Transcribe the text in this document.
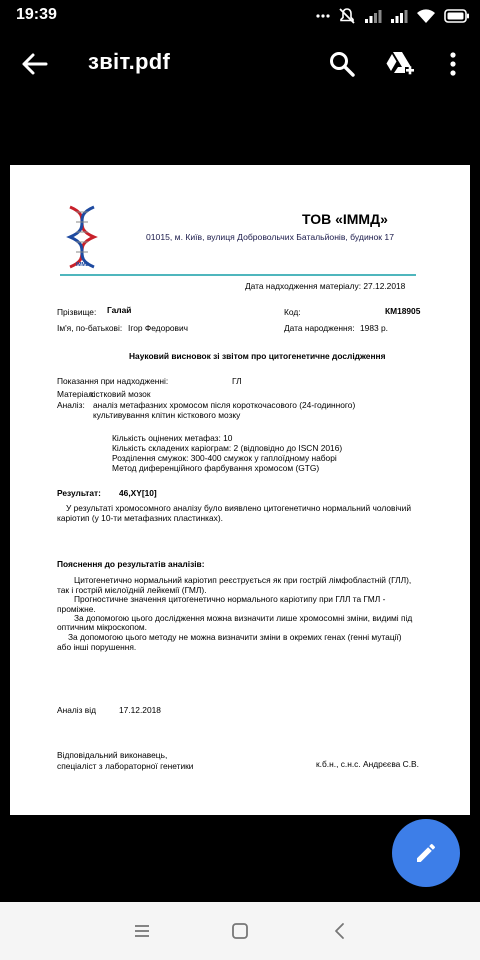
19:39
звіт.pdf
IMMD
ТОВ «ІММД»
01015, м. Київ, вулиця Добровольчих Батальйонів, будинок 17
Дата надходження матеріалу: 27.12.2018
Прізвище: Галай	Код:	КМ18905
Ім'я, по-батькові: Ігор Федорович	Дата народження: 1983 р.
Науковий висновок зі звітом про цитогенетичне дослідження
Показання при надходженні:	ГЛ
Матеріал:
кістковий мозок
Аналіз: аналіз метафазних хромосом після короткочасового (24-годинного)
культивування клітин кісткового мозку
Кількість оцінених метафаз: 10
Кількість складених каріограм: 2 (відповідно до ISCN 2016)
Розділення смужок: 300-400 смужок у гаплоїдному наборі
Метод диференційного фарбування хромосом (GTG)
Результат: 46,XY[10]
У результаті хромосомного аналізу було виявлено цитогенетично нормальний чоловічий
каріотип (у 10-ти метафазних пластинках).
Пояснення до результатів аналізів:
Цитогенетично нормальний каріотип реєструється як при гострій лімфобластній (ГЛЛ),
так і гострій мієлоїдній лейкемії (ГМЛ).
Прогностичне значення цитогенетично нормального каріотипу при ГЛЛ та ГМЛ -
проміжне.
За допомогою цього дослідження можна визначити лише хромосомні зміни, видимі під
оптичним мікроскопом.
За допомогою цього методу не можна визначити зміни в окремих генах (генні мутації)
або інші порушення.
Аналіз від	17.12.2018
Відповідальний виконавець,
спеціаліст з лабораторної генетики	к.б.н., с.н.с. Андрєєва С.В.
